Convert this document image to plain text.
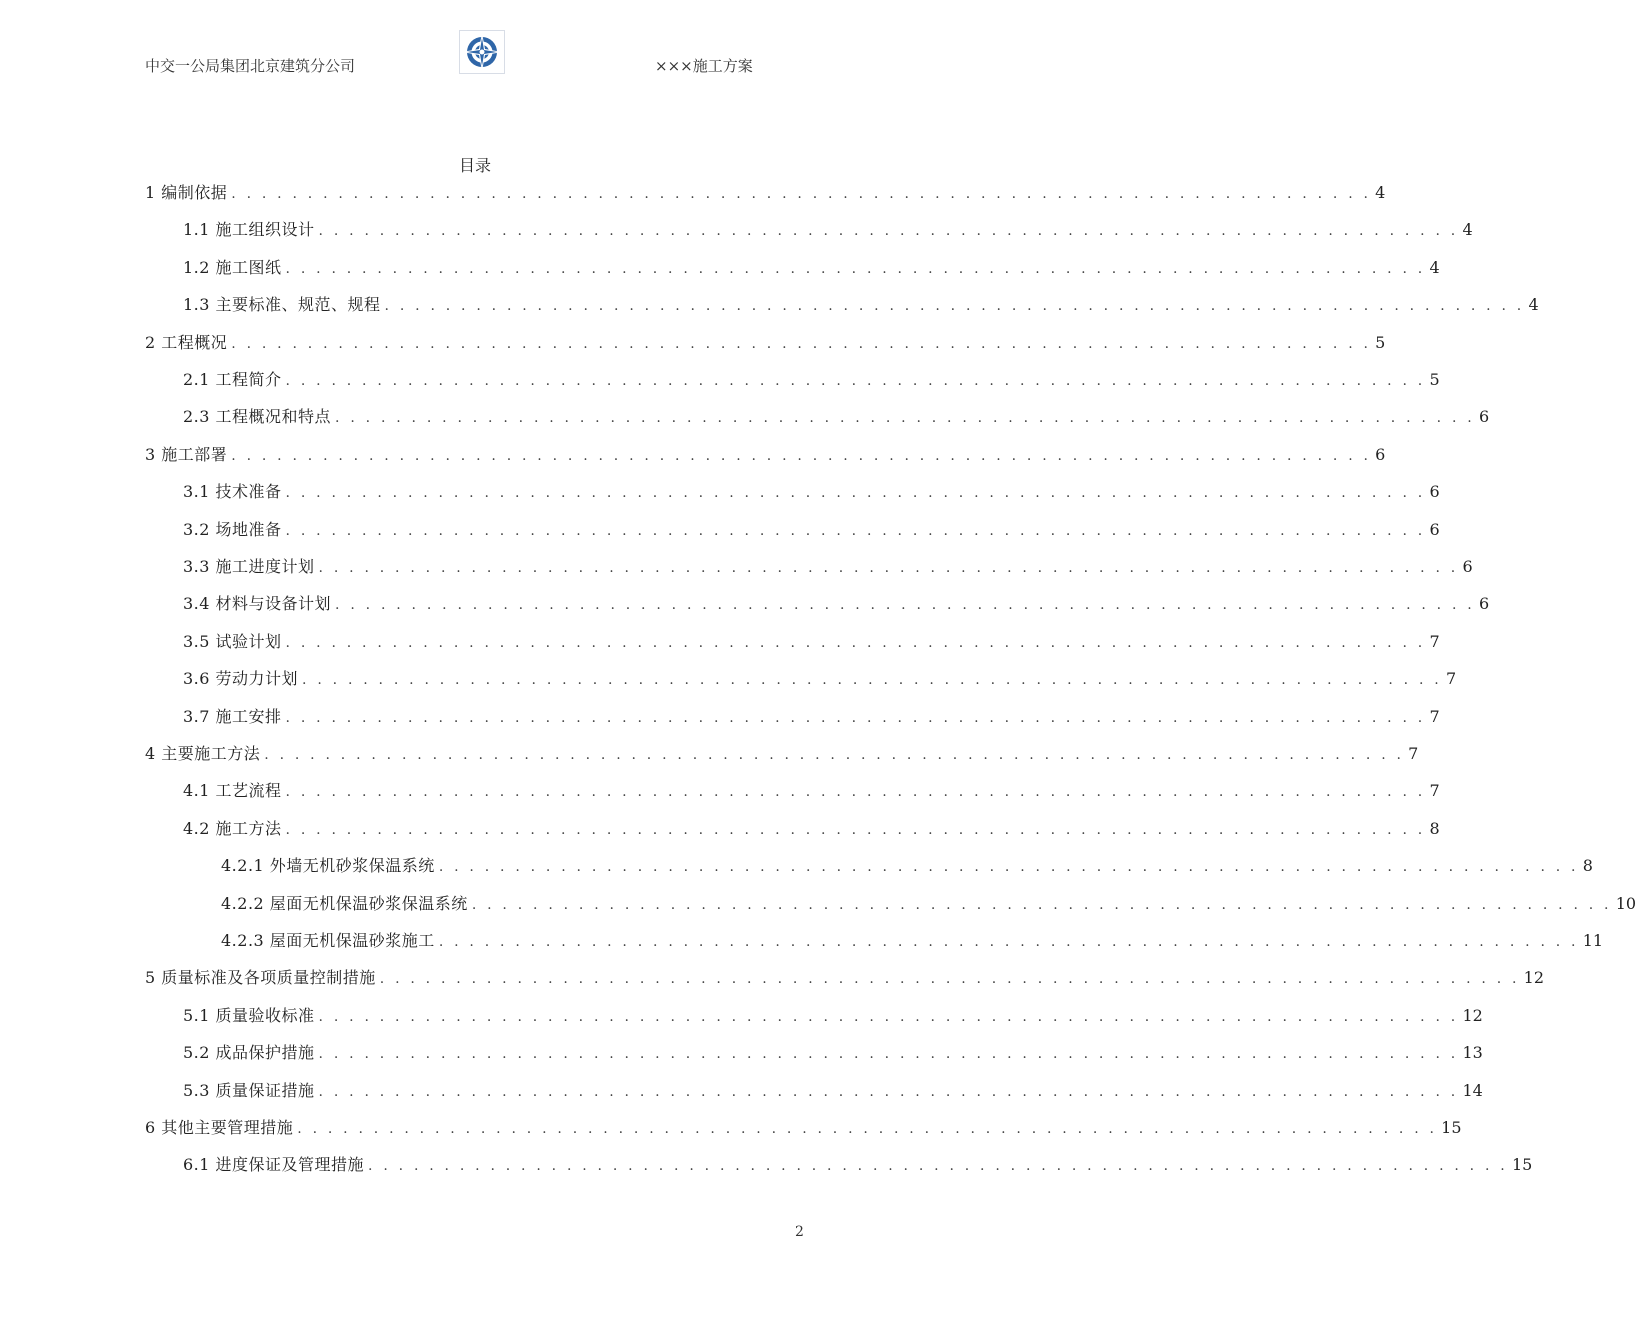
中交一公局集团北京建筑分公司	×××施工方案
目录
1 编制依据 . . . . . . . . . . . . . . . . . . . . . . . . . . . . . . . . . . . . . . . . . . . . . . . . . . . . . . . . . . . . . . . . . . . . . . . . . . . 4
1.1 施工组织设计 . . . . . . . . . . . . . . . . . . . . . . . . . . . . . . . . . . . . . . . . . . . . . . . . . . . . . . . . . . . . . . . . . . . . . . . . . . . 4
1.2 施工图纸 . . . . . . . . . . . . . . . . . . . . . . . . . . . . . . . . . . . . . . . . . . . . . . . . . . . . . . . . . . . . . . . . . . . . . . . . . . . 4
1.3 主要标准、规范、规程 . . . . . . . . . . . . . . . . . . . . . . . . . . . . . . . . . . . . . . . . . . . . . . . . . . . . . . . . . . . . . . . . . . . . . . . . . . . 4
2 工程概况 . . . . . . . . . . . . . . . . . . . . . . . . . . . . . . . . . . . . . . . . . . . . . . . . . . . . . . . . . . . . . . . . . . . . . . . . . . . 5
2.1 工程简介 . . . . . . . . . . . . . . . . . . . . . . . . . . . . . . . . . . . . . . . . . . . . . . . . . . . . . . . . . . . . . . . . . . . . . . . . . . . 5
2.3 工程概况和特点 . . . . . . . . . . . . . . . . . . . . . . . . . . . . . . . . . . . . . . . . . . . . . . . . . . . . . . . . . . . . . . . . . . . . . . . . . . . 6
3 施工部署 . . . . . . . . . . . . . . . . . . . . . . . . . . . . . . . . . . . . . . . . . . . . . . . . . . . . . . . . . . . . . . . . . . . . . . . . . . . 6
3.1 技术准备 . . . . . . . . . . . . . . . . . . . . . . . . . . . . . . . . . . . . . . . . . . . . . . . . . . . . . . . . . . . . . . . . . . . . . . . . . . . 6
3.2 场地准备 . . . . . . . . . . . . . . . . . . . . . . . . . . . . . . . . . . . . . . . . . . . . . . . . . . . . . . . . . . . . . . . . . . . . . . . . . . . 6
3.3 施工进度计划 . . . . . . . . . . . . . . . . . . . . . . . . . . . . . . . . . . . . . . . . . . . . . . . . . . . . . . . . . . . . . . . . . . . . . . . . . . . 6
3.4 材料与设备计划 . . . . . . . . . . . . . . . . . . . . . . . . . . . . . . . . . . . . . . . . . . . . . . . . . . . . . . . . . . . . . . . . . . . . . . . . . . . 6
3.5 试验计划 . . . . . . . . . . . . . . . . . . . . . . . . . . . . . . . . . . . . . . . . . . . . . . . . . . . . . . . . . . . . . . . . . . . . . . . . . . . 7
3.6 劳动力计划 . . . . . . . . . . . . . . . . . . . . . . . . . . . . . . . . . . . . . . . . . . . . . . . . . . . . . . . . . . . . . . . . . . . . . . . . . . . 7
3.7 施工安排 . . . . . . . . . . . . . . . . . . . . . . . . . . . . . . . . . . . . . . . . . . . . . . . . . . . . . . . . . . . . . . . . . . . . . . . . . . . 7
4 主要施工方法 . . . . . . . . . . . . . . . . . . . . . . . . . . . . . . . . . . . . . . . . . . . . . . . . . . . . . . . . . . . . . . . . . . . . . . . . . . . 7
4.1 工艺流程 . . . . . . . . . . . . . . . . . . . . . . . . . . . . . . . . . . . . . . . . . . . . . . . . . . . . . . . . . . . . . . . . . . . . . . . . . . . 7
4.2 施工方法 . . . . . . . . . . . . . . . . . . . . . . . . . . . . . . . . . . . . . . . . . . . . . . . . . . . . . . . . . . . . . . . . . . . . . . . . . . . 8
4.2.1 外墙无机砂浆保温系统 . . . . . . . . . . . . . . . . . . . . . . . . . . . . . . . . . . . . . . . . . . . . . . . . . . . . . . . . . . . . . . . . . . . . . . . . . . . 8
4.2.2 屋面无机保温砂浆保温系统 . . . . . . . . . . . . . . . . . . . . . . . . . . . . . . . . . . . . . . . . . . . . . . . . . . . . . . . . . . . . . . . . . . . . . . . . . . . 10
4.2.3 屋面无机保温砂浆施工 . . . . . . . . . . . . . . . . . . . . . . . . . . . . . . . . . . . . . . . . . . . . . . . . . . . . . . . . . . . . . . . . . . . . . . . . . . . 11
5 质量标准及各项质量控制措施 . . . . . . . . . . . . . . . . . . . . . . . . . . . . . . . . . . . . . . . . . . . . . . . . . . . . . . . . . . . . . . . . . . . . . . . . . . . 12
5.1 质量验收标准 . . . . . . . . . . . . . . . . . . . . . . . . . . . . . . . . . . . . . . . . . . . . . . . . . . . . . . . . . . . . . . . . . . . . . . . . . . . 12
5.2 成品保护措施 . . . . . . . . . . . . . . . . . . . . . . . . . . . . . . . . . . . . . . . . . . . . . . . . . . . . . . . . . . . . . . . . . . . . . . . . . . . 13
5.3 质量保证措施 . . . . . . . . . . . . . . . . . . . . . . . . . . . . . . . . . . . . . . . . . . . . . . . . . . . . . . . . . . . . . . . . . . . . . . . . . . . 14
6 其他主要管理措施 . . . . . . . . . . . . . . . . . . . . . . . . . . . . . . . . . . . . . . . . . . . . . . . . . . . . . . . . . . . . . . . . . . . . . . . . . . . 15
6.1 进度保证及管理措施 . . . . . . . . . . . . . . . . . . . . . . . . . . . . . . . . . . . . . . . . . . . . . . . . . . . . . . . . . . . . . . . . . . . . . . . . . . . 15
2
